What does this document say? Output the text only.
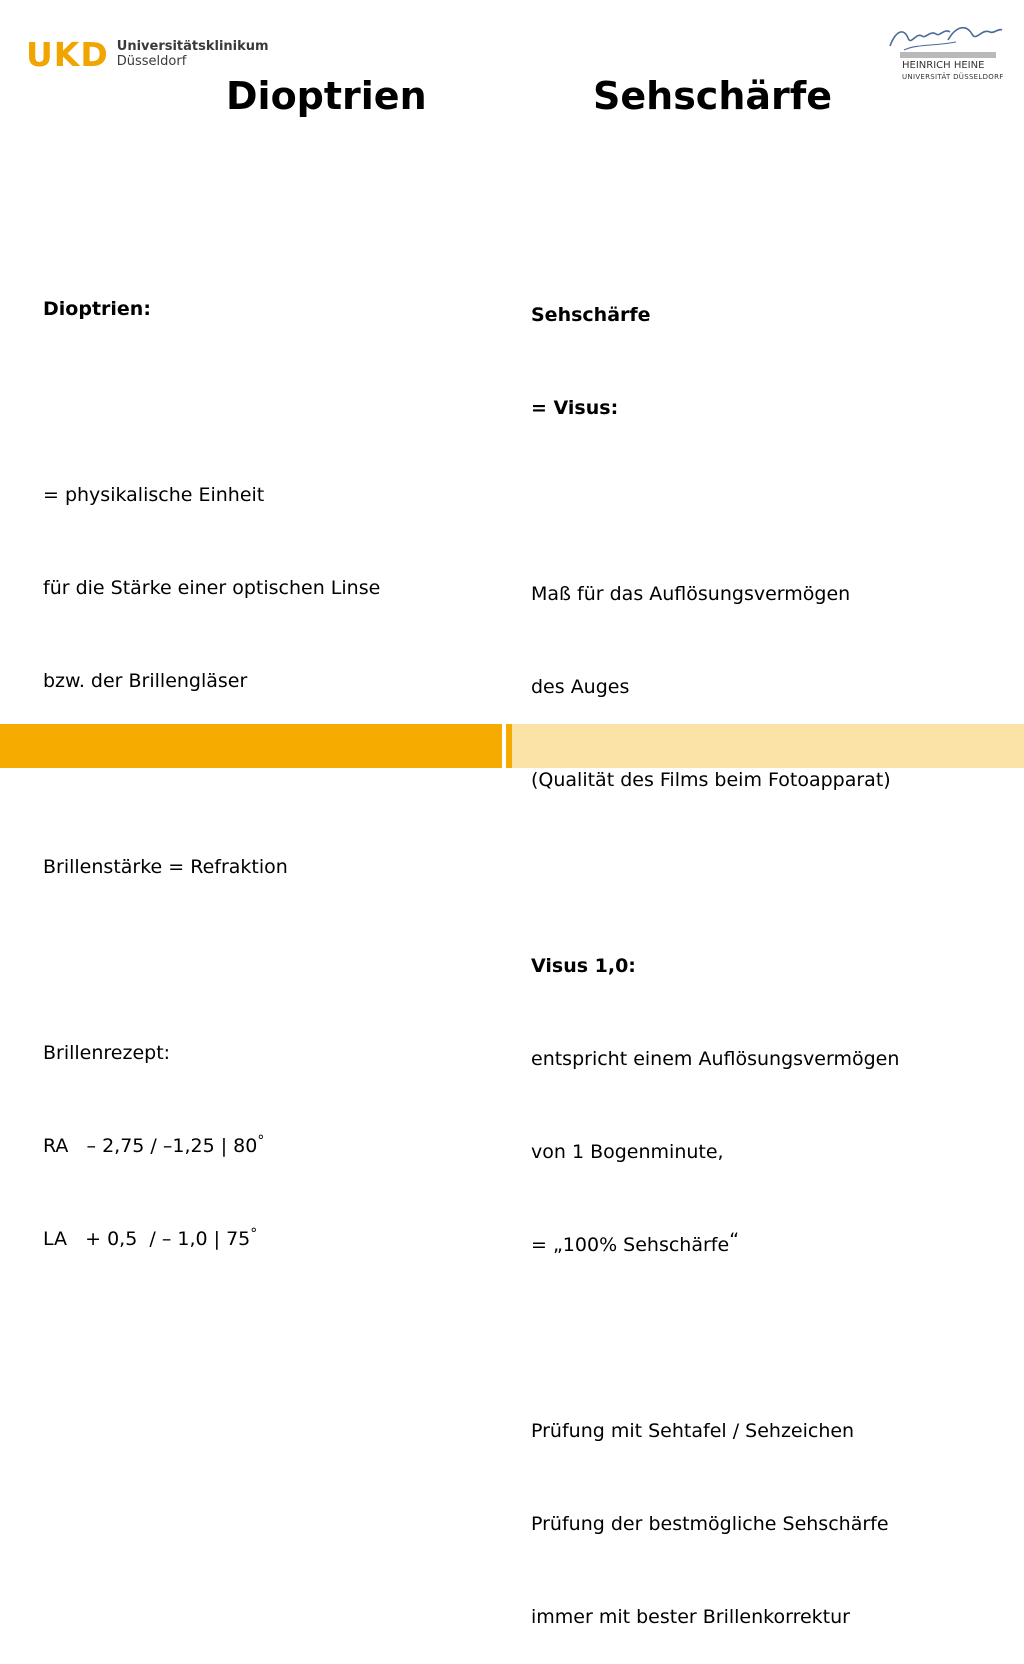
UKD Universitätsklinikum
Düsseldorf	HEINRICH HEINE
UNIVERSITÄT DÜSSELDORF
Dioptrien	Sehschärfe

Dioptrien:

= physikalische Einheit

für die Stärke einer optischen Linse

bzw. der Brillengläser

Brillenstärke = Refraktion

Brillenrezept:

RA   – 2,75 / –1,25 | 80°

LA   + 0,5  / – 1,0 | 75°

Sehschärfe

= Visus:

Maß für das Auflösungsvermögen

des Auges

(Qualität des Films beim Fotoapparat)

Visus 1,0:

entspricht einem Auflösungsvermögen

von 1 Bogenminute,

= „100% Sehschärfe“

Prüfung mit Sehtafel / Sehzeichen

Prüfung der bestmögliche Sehschärfe

immer mit bester Brillenkorrektur
